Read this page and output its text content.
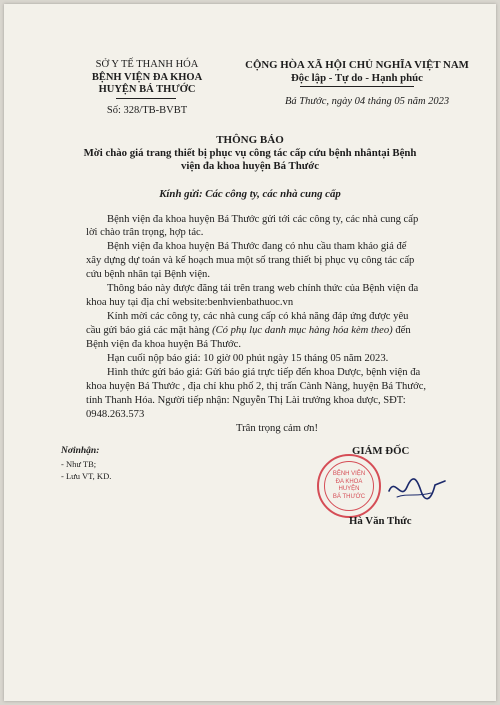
SỞ Y TẾ THANH HÓA
BỆNH VIỆN ĐA KHOA
HUYỆN BÁ THƯỚC
Số: 328/TB-BVBT
CỘNG HÒA XÃ HỘI CHỦ NGHĨA VIỆT NAM
Độc lập - Tự do - Hạnh phúc
Bá Thước, ngày 04 tháng 05 năm 2023
THÔNG BÁO
Mời chào giá trang thiết bị phục vụ công tác cấp cứu bệnh nhântại Bệnh
viện đa khoa huyện Bá Thước
Kính gửi: Các công ty, các nhà cung cấp
Bệnh viện đa khoa huyện Bá Thước gửi tới các công ty, các nhà cung cấp
lời chào trân trọng, hợp tác.
Bệnh viện đa khoa huyện Bá Thước đang có nhu cầu tham khảo giá để
xây dựng dự toán và kế hoạch mua một số trang thiết bị phục vụ công tác cấp
cứu bệnh nhân tại Bệnh viện.
Thông báo này được đăng tải trên trang web chính thức của Bệnh viện đa
khoa huy tại địa chỉ website:benhvienbathuoc.vn
Kính mời các công ty, các nhà cung cấp có khả năng đáp ứng được yêu
cầu gửi báo giá các mặt hàng (Có phụ lục danh mục hàng hóa kèm theo) đến
Bệnh viện đa khoa huyện Bá Thước.
Hạn cuối nộp báo giá: 10 giờ 00 phút ngày 15 tháng 05 năm 2023.
Hình thức gửi báo giá: Gửi báo giá trực tiếp đến khoa Dược, bệnh viện đa
khoa huyện Bá Thước , địa chỉ khu phố 2, thị trấn Cành Nàng, huyện Bá Thước,
tỉnh Thanh Hóa. Người tiếp nhận: Nguyễn Thị Lài trưởng khoa dược, SĐT:
0948.263.573
Trân trọng cảm ơn!
Nơinhận:
- Như TB;
- Lưu VT, KD.
GIÁM ĐỐC
BỆNH VIỆN
ĐA KHOA
HUYỆN
BÁ THƯỚC
Hà Văn Thức
